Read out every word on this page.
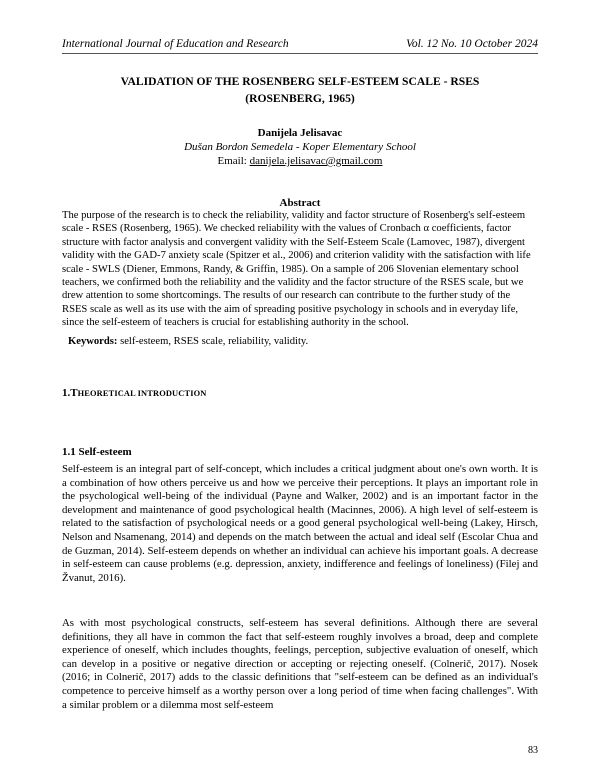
International Journal of Education and Research	Vol. 12 No. 10 October 2024
VALIDATION OF THE ROSENBERG SELF-ESTEEM SCALE - RSES
(ROSENBERG, 1965)
Danijela Jelisavac
Dušan Bordon Semedela - Koper Elementary School
Email: danijela.jelisavac@gmail.com
Abstract

The purpose of the research is to check the reliability, validity and factor structure of Rosenberg's self-esteem scale - RSES (Rosenberg, 1965). We checked reliability with the values of Cronbach α coefficients, factor structure with factor analysis and convergent validity with the Self-Esteem Scale (Lamovec, 1987), divergent validity with the GAD-7 anxiety scale (Spitzer et al., 2006) and criterion validity with the satisfaction with life scale - SWLS (Diener, Emmons, Randy, & Griffin, 1985). On a sample of 206 Slovenian elementary school teachers, we confirmed both the reliability and the validity and the factor structure of the RSES scale, but we drew attention to some shortcomings. The results of our research can contribute to the further study of the RSES scale as well as its use with the aim of spreading positive psychology in schools and in everyday life, since the self-esteem of teachers is crucial for establishing authority in the school.

Keywords: self-esteem, RSES scale, reliability, validity.

1.THEORETICAL INTRODUCTION
1.1 Self-esteem

Self-esteem is an integral part of self-concept, which includes a critical judgment about one's own worth. It is a combination of how others perceive us and how we perceive their perceptions. It plays an important role in the psychological well-being of the individual (Payne and Walker, 2002) and is an important factor in the development and maintenance of good psychological health (Macinnes, 2006). A high level of self-esteem is related to the satisfaction of psychological needs or a good general psychological well-being (Lakey, Hirsch, Nelson and Nsamenang, 2014) and depends on the match between the actual and ideal self (Escolar Chua and de Guzman, 2014). Self-esteem depends on whether an individual can achieve his important goals. A decrease in self-esteem can cause problems (e.g. depression, anxiety, indifference and feelings of loneliness) (Filej and Žvanut, 2016).

As with most psychological constructs, self-esteem has several definitions. Although there are several definitions, they all have in common the fact that self-esteem roughly involves a broad, deep and complete experience of oneself, which includes thoughts, feelings, perception, subjective evaluation of oneself, which can develop in a positive or negative direction or accepting or rejecting oneself. (Colnerič, 2017). Nosek (2016; in Colnerič, 2017) adds to the classic definitions that "self-esteem can be defined as an individual's competence to perceive himself as a worthy person over a long period of time when facing challenges". With a similar problem or a dilemma most self-esteem

83
